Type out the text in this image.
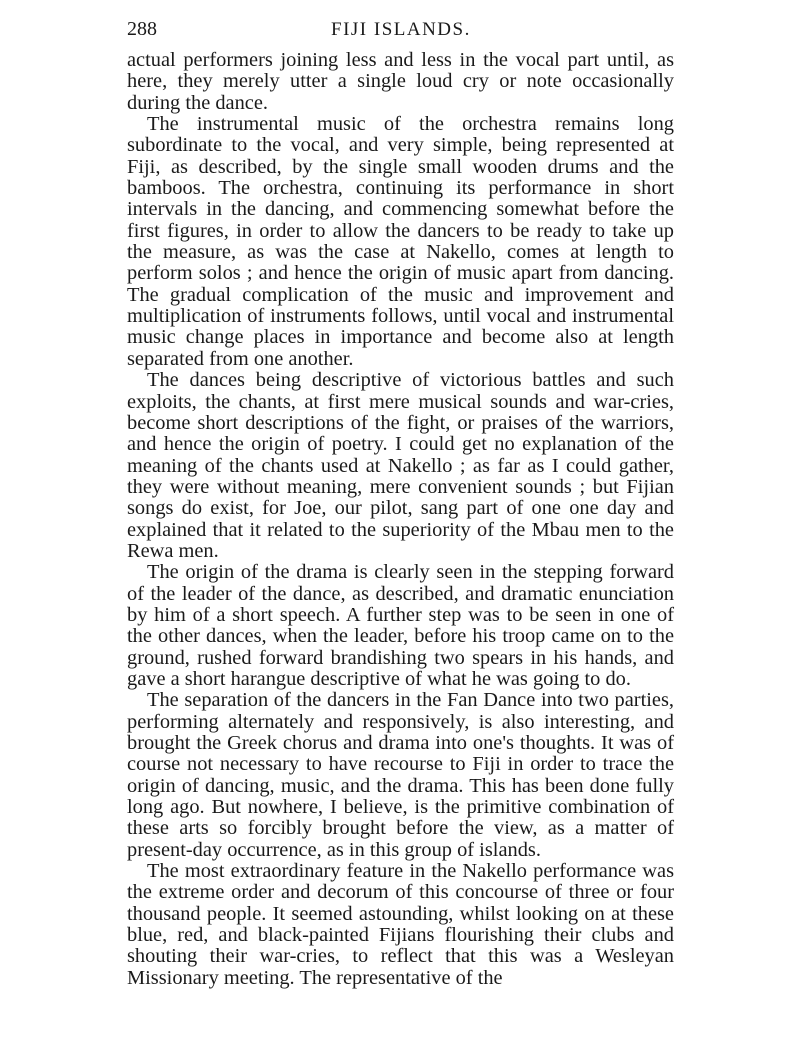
288	FIJI ISLANDS.

actual performers joining less and less in the vocal part until, as here, they merely utter a single loud cry or note occasionally during the dance.

The instrumental music of the orchestra remains long subordinate to the vocal, and very simple, being represented at Fiji, as described, by the single small wooden drums and the bamboos. The orchestra, continuing its performance in short intervals in the dancing, and commencing somewhat before the first figures, in order to allow the dancers to be ready to take up the measure, as was the case at Nakello, comes at length to perform solos ; and hence the origin of music apart from dancing. The gradual complication of the music and improvement and multiplication of instruments follows, until vocal and instrumental music change places in importance and become also at length separated from one another.

The dances being descriptive of victorious battles and such exploits, the chants, at first mere musical sounds and war-cries, become short descriptions of the fight, or praises of the warriors, and hence the origin of poetry. I could get no explanation of the meaning of the chants used at Nakello ; as far as I could gather, they were without meaning, mere convenient sounds ; but Fijian songs do exist, for Joe, our pilot, sang part of one one day and explained that it related to the superiority of the Mbau men to the Rewa men.

The origin of the drama is clearly seen in the stepping forward of the leader of the dance, as described, and dramatic enunciation by him of a short speech. A further step was to be seen in one of the other dances, when the leader, before his troop came on to the ground, rushed forward brandishing two spears in his hands, and gave a short harangue descriptive of what he was going to do.

The separation of the dancers in the Fan Dance into two parties, performing alternately and responsively, is also interesting, and brought the Greek chorus and drama into one's thoughts. It was of course not necessary to have recourse to Fiji in order to trace the origin of dancing, music, and the drama. This has been done fully long ago. But nowhere, I believe, is the primitive combination of these arts so forcibly brought before the view, as a matter of present-day occurrence, as in this group of islands.

The most extraordinary feature in the Nakello performance was the extreme order and decorum of this concourse of three or four thousand people. It seemed astounding, whilst looking on at these blue, red, and black-painted Fijians flourishing their clubs and shouting their war-cries, to reflect that this was a Wesleyan Missionary meeting. The representative of the
